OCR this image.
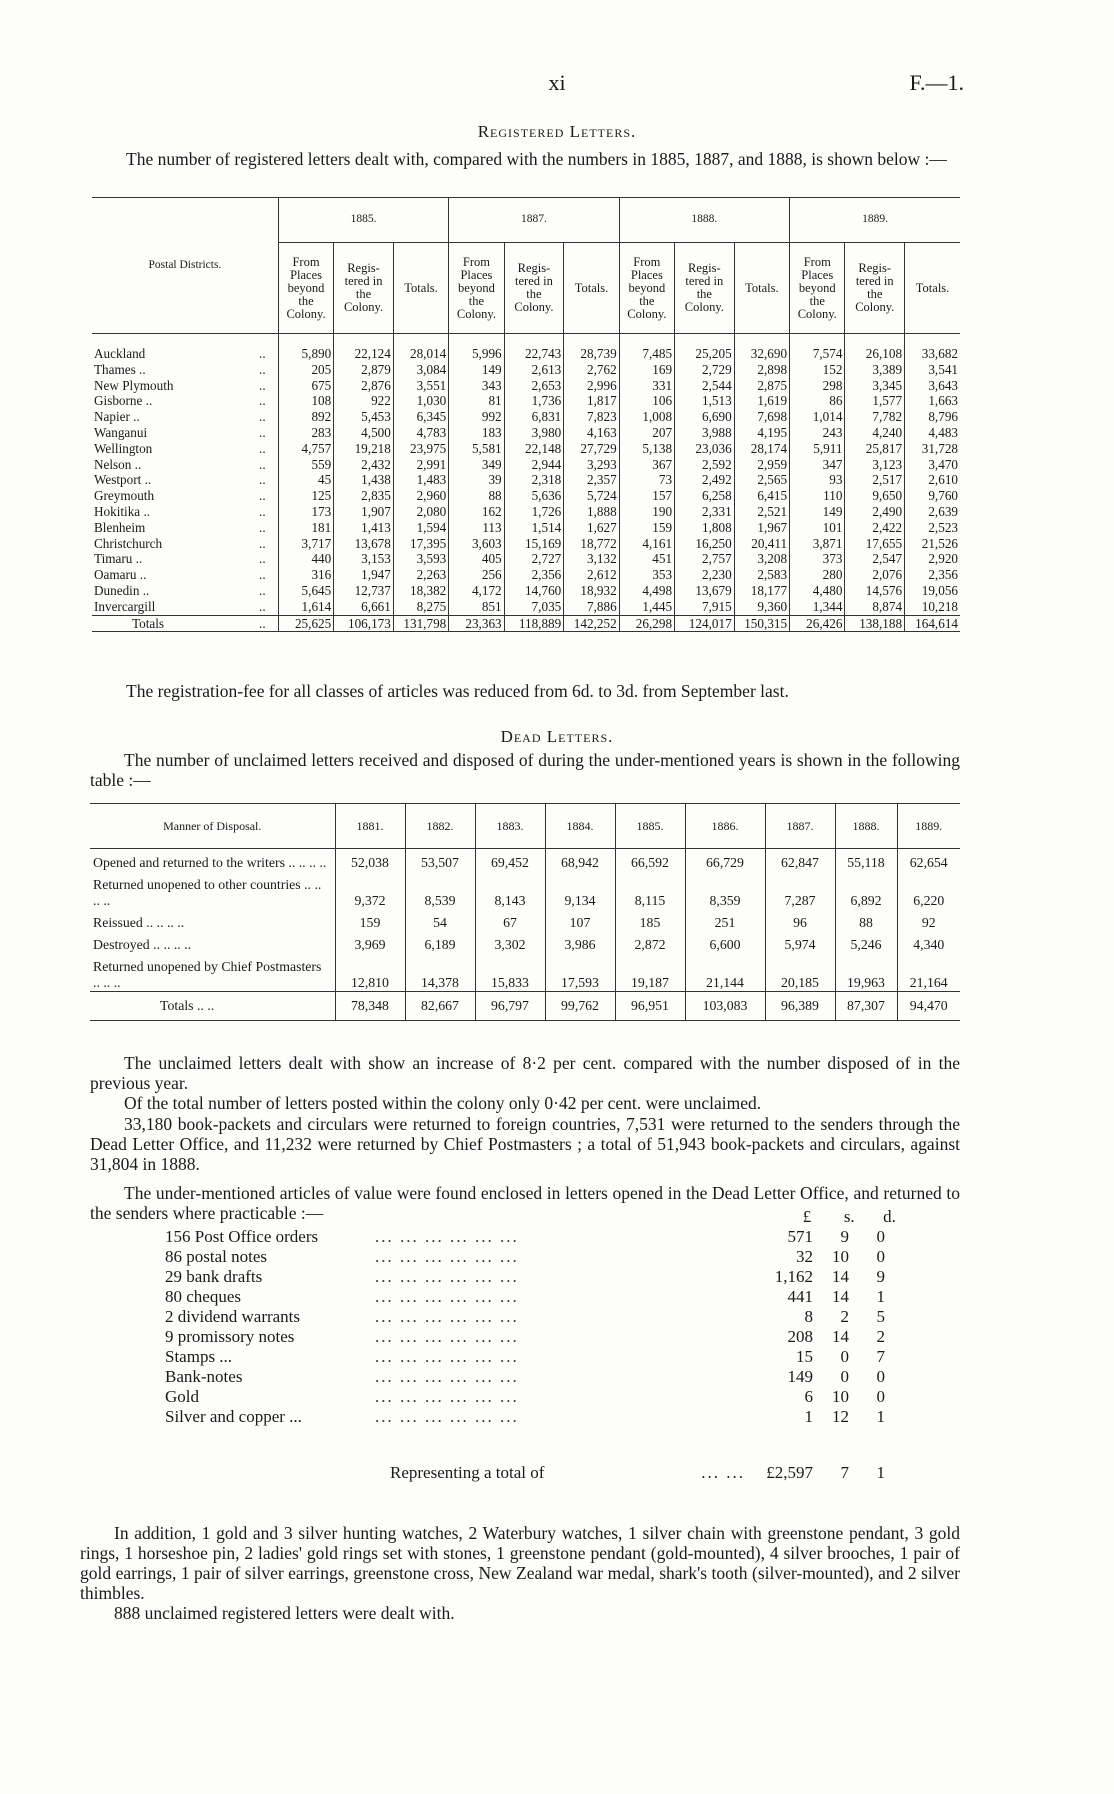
xi	F.—1.
Registered Letters.
The number of registered letters dealt with, compared with the numbers in 1885, 1887, and 1888, is shown below :—
Postal Districts.		1885.			1887.			1888.			1889.		
		From Places beyond the Colony.	Regis-tered in the Colony.	Totals.	From Places beyond the Colony.	Regis-tered in the Colony.	Totals.	From Places beyond the Colony.	Regis-tered in the Colony.	Totals.	From Places beyond the Colony.	Regis-tered in the Colony.	Totals.

Auckland	..	5,890	22,124	28,014	5,996	22,743	28,739	7,485	25,205	32,690	7,574	26,108	33,682
Thames ..	..	205	2,879	3,084	149	2,613	2,762	169	2,729	2,898	152	3,389	3,541
New Plymouth	..	675	2,876	3,551	343	2,653	2,996	331	2,544	2,875	298	3,345	3,643
Gisborne ..	..	108	922	1,030	81	1,736	1,817	106	1,513	1,619	86	1,577	1,663
Napier ..	..	892	5,453	6,345	992	6,831	7,823	1,008	6,690	7,698	1,014	7,782	8,796
Wanganui	..	283	4,500	4,783	183	3,980	4,163	207	3,988	4,195	243	4,240	4,483
Wellington	..	4,757	19,218	23,975	5,581	22,148	27,729	5,138	23,036	28,174	5,911	25,817	31,728
Nelson ..	..	559	2,432	2,991	349	2,944	3,293	367	2,592	2,959	347	3,123	3,470
Westport ..	..	45	1,438	1,483	39	2,318	2,357	73	2,492	2,565	93	2,517	2,610
Greymouth	..	125	2,835	2,960	88	5,636	5,724	157	6,258	6,415	110	9,650	9,760
Hokitika ..	..	173	1,907	2,080	162	1,726	1,888	190	2,331	2,521	149	2,490	2,639
Blenheim	..	181	1,413	1,594	113	1,514	1,627	159	1,808	1,967	101	2,422	2,523
Christchurch	..	3,717	13,678	17,395	3,603	15,169	18,772	4,161	16,250	20,411	3,871	17,655	21,526
Timaru ..	..	440	3,153	3,593	405	2,727	3,132	451	2,757	3,208	373	2,547	2,920
Oamaru ..	..	316	1,947	2,263	256	2,356	2,612	353	2,230	2,583	280	2,076	2,356
Dunedin ..	..	5,645	12,737	18,382	4,172	14,760	18,932	4,498	13,679	18,177	4,480	14,576	19,056
Invercargill	..	1,614	6,661	8,275	851	7,035	7,886	1,445	7,915	9,360	1,344	8,874	10,218
Totals	..	25,625	106,173	131,798	23,363	118,889	142,252	26,298	124,017	150,315	26,426	138,188	164,614
The registration-fee for all classes of articles was reduced from 6d. to 3d. from September last.
Dead Letters.
The number of unclaimed letters received and disposed of during the under-mentioned years is shown in the following table :—
Manner of Disposal.	1881.	1882.	1883.	1884.	1885.	1886.	1887.	1888.	1889.
Opened and returned to the writers .. .. .. ..	52,038	53,507	69,452	68,942	66,592	66,729	62,847	55,118	62,654
Returned unopened to other countries .. .. .. ..	9,372	8,539	8,143	9,134	8,115	8,359	7,287	6,892	6,220
Reissued .. .. .. ..	159	54	67	107	185	251	96	88	92
Destroyed .. .. .. ..	3,969	6,189	3,302	3,986	2,872	6,600	5,974	5,246	4,340
Returned unopened by Chief Postmasters .. .. ..	12,810	14,378	15,833	17,593	19,187	21,144	20,185	19,963	21,164
Totals .. ..	78,348	82,667	96,797	99,762	96,951	103,083	96,389	87,307	94,470
The unclaimed letters dealt with show an increase of 8·2 per cent. compared with the number disposed of in the previous year.
Of the total number of letters posted within the colony only 0·42 per cent. were unclaimed.
33,180 book-packets and circulars were returned to foreign countries, 7,531 were returned to the senders through the Dead Letter Office, and 11,232 were returned by Chief Postmasters ; a total of 51,943 book-packets and circulars, against 31,804 in 1888.
The under-mentioned articles of value were found enclosed in letters opened in the Dead Letter Office, and returned to the senders where practicable :—	£ s. d.
156 Post Office orders	... ... ... ... ... ...	571	9	0
86 postal notes	... ... ... ... ... ...	32	10	0
29 bank drafts	... ... ... ... ... ...	1,162	14	9
80 cheques	... ... ... ... ... ...	441	14	1
2 dividend warrants	... ... ... ... ... ...	8	2	5
9 promissory notes	... ... ... ... ... ...	208	14	2
Stamps ...	... ... ... ... ... ...	15	0	7
Bank-notes	... ... ... ... ... ...	149	0	0
Gold	... ... ... ... ... ...	6	10	0
Silver and copper ...	... ... ... ... ... ...	1	12	1
Representing a total of	... ...	£2,597	7	1
In addition, 1 gold and 3 silver hunting watches, 2 Waterbury watches, 1 silver chain with greenstone pendant, 3 gold rings, 1 horseshoe pin, 2 ladies' gold rings set with stones, 1 greenstone pendant (gold-mounted), 4 silver brooches, 1 pair of gold earrings, 1 pair of silver earrings, greenstone cross, New Zealand war medal, shark's tooth (silver-mounted), and 2 silver thimbles.
888 unclaimed registered letters were dealt with.
